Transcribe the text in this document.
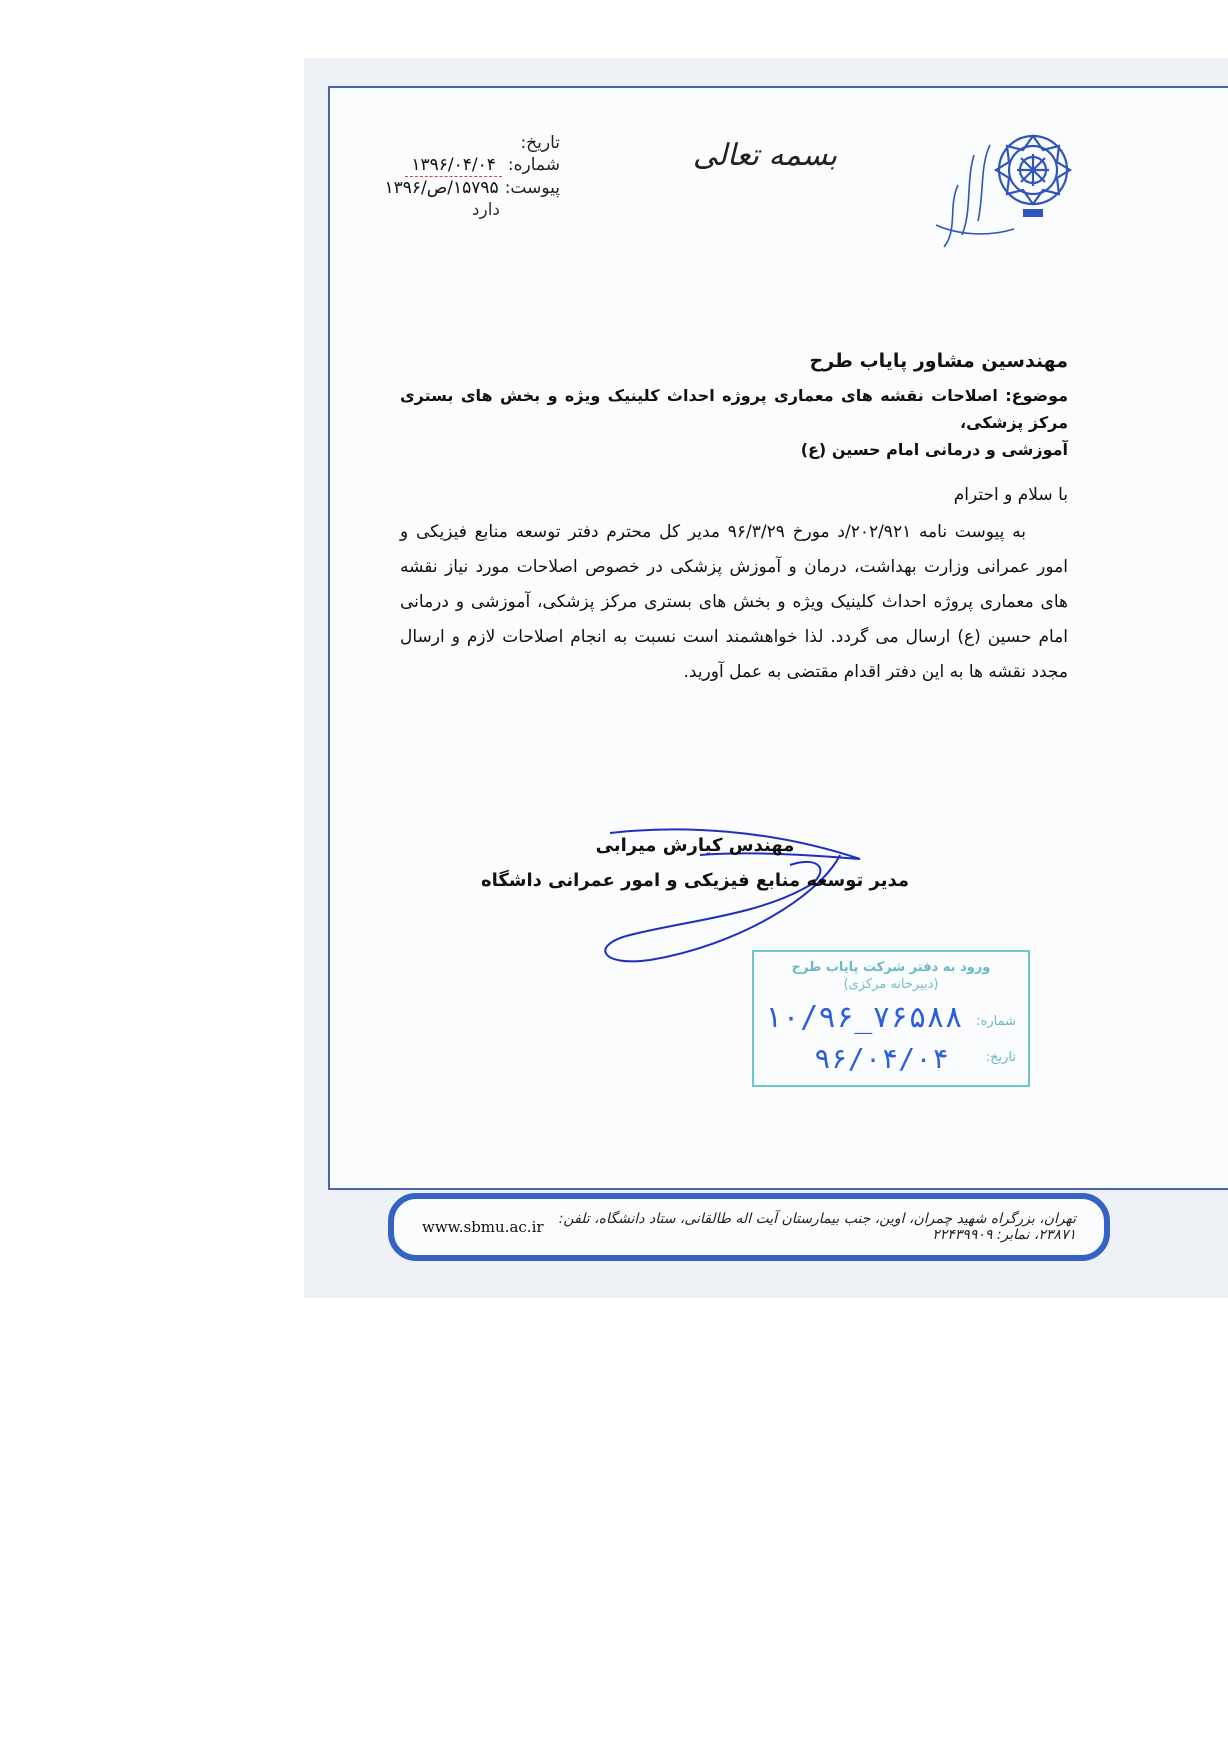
بسمه تعالی
تاریخ:
شماره:
۱۳۹۶/۰۴/۰۴
پیوست:
۱۵۷۹۵/ص/۱۳۹۶
دارد

مهندسین مشاور پایاب طرح

موضوع: اصلاحات نقشه های معماری پروژه احداث کلینیک ویژه و بخش های بستری مرکز پزشکی،

آموزشی و درمانی امام حسین (ع)

با سلام و احترام

به پیوست نامه ۲۰۲/۹۲۱/د مورخ ۹۶/۳/۲۹ مدیر کل محترم دفتر توسعه منابع فیزیکی و امور عمرانی وزارت بهداشت، درمان و آموزش پزشکی در خصوص اصلاحات مورد نیاز نقشه های معماری پروژه احداث کلینیک ویژه و بخش های بستری مرکز پزشکی، آموزشی و درمانی امام حسین (ع) ارسال می گردد. لذا خواهشمند است نسبت به انجام اصلاحات لازم و ارسال مجدد نقشه ها به این دفتر اقدام مقتضی به عمل آورید.

مهندس کیارش میرابی
مدیر توسعه منابع فیزیکی و امور عمرانی داشگاه
ورود به دفتر شرکت پایاب طرح
(دبیرخانه مرکزی)
شماره:
تاریخ:
۱۰/۹۶_۷۶۵۸۸
۹۶/۰۴/۰۴
www.sbmu.ac.ir	تهران، بزرگراه شهید چمران، اوین، جنب بیمارستان آیت اله طالقانی، ستاد دانشگاه، تلفن: ۲۳۸۷۱، نمابر: ۲۲۴۳۹۹۰۹
